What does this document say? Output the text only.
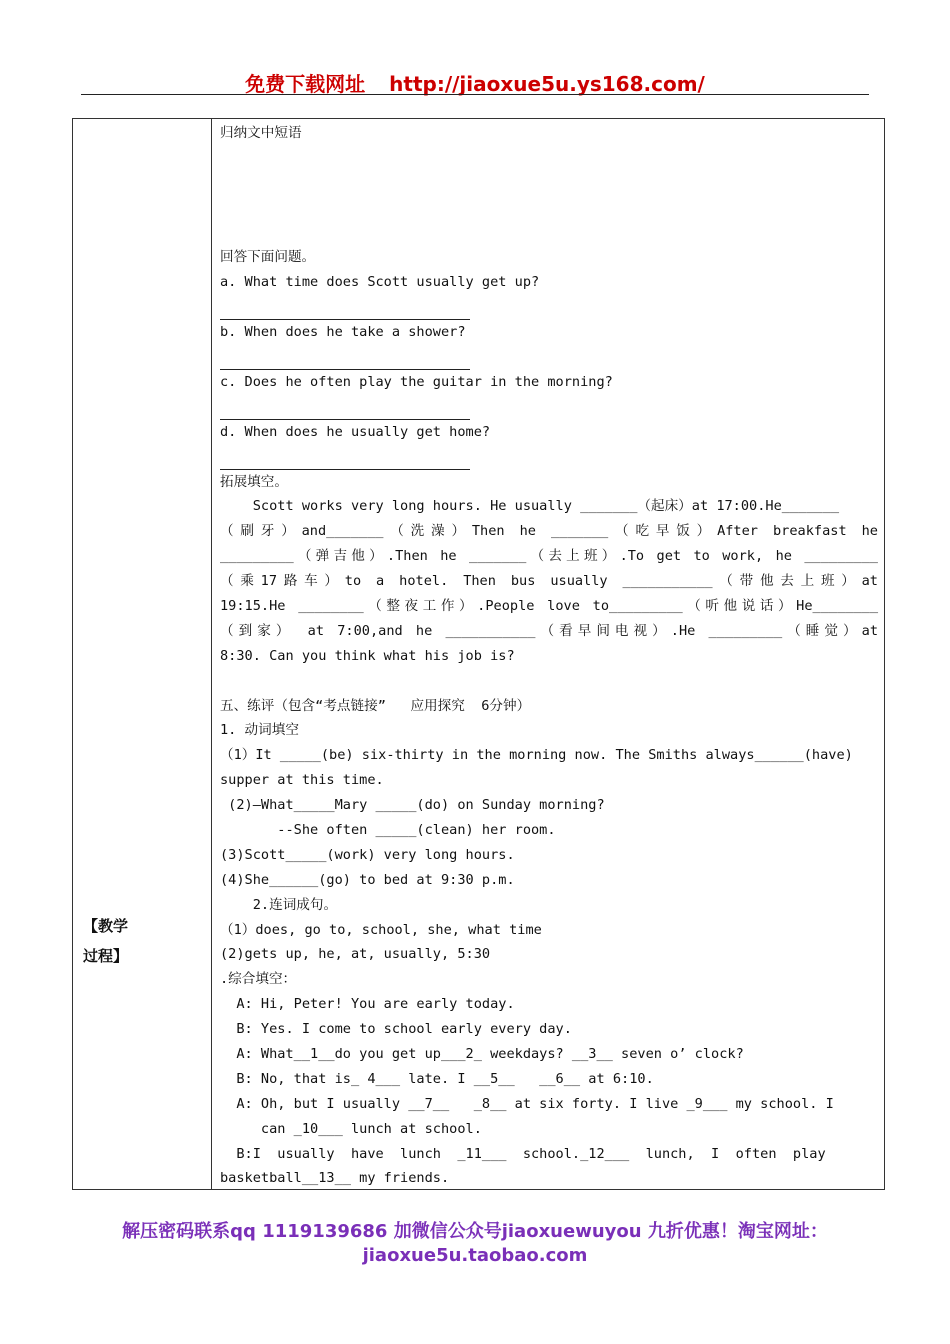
免费下载网址 http://jiaoxue5u.ys168.com/
【教学
过程】
归纳文中短语
回答下面问题。
a. What time does Scott usually get up?
b. When does he take a shower?
c. Does he often play the guitar in the morning?
d. When does he usually get home?
拓展填空。
Scott works very long hours. He usually _______（起床）at 17:00.He_______
（刷牙）and_______（洗澡）Then he _______（吃早饭）After breakfast he
_________（弹吉他）.Then he _______（去上班）.To get to work, he _________
（乘17路车）to a hotel. Then bus usually ___________（带他去上班）at
19:15.He ________（整夜工作）.People love to_________（听他说话）He________
（到家） at 7:00,and he ___________（看早间电视）.He _________（睡觉）at
8:30. Can you think what his job is?
五、练评（包含“考点链接”   应用探究  6分钟）
1. 动词填空
（1）It _____(be) six-thirty in the morning now. The Smiths always______(have)
supper at this time.
(2)—What_____Mary _____(do) on Sunday morning?
--She often _____(clean) her room.
(3)Scott_____(work) very long hours.
(4)She______(go) to bed at 9:30 p.m.
2.连词成句。
（1）does, go to, school, she, what time
(2)gets up, he, at, usually, 5:30
.综合填空：
A: Hi, Peter! You are early today.
B: Yes. I come to school early every day.
A: What__1__do you get up___2_ weekdays? __3__ seven o’ clock?
B: No, that is_ 4___ late. I __5__   __6__ at 6:10.
A: Oh, but I usually __7__   _8__ at six forty. I live _9___ my school. I
can _10___ lunch at school.
B:I  usually  have  lunch  _11___  school._12___  lunch,  I  often  play
basketball__13__ my friends.
解压密码联系qq 1119139686 加微信公众号jiaoxuewuyou 九折优惠！淘宝网址：
jiaoxue5u.taobao.com
